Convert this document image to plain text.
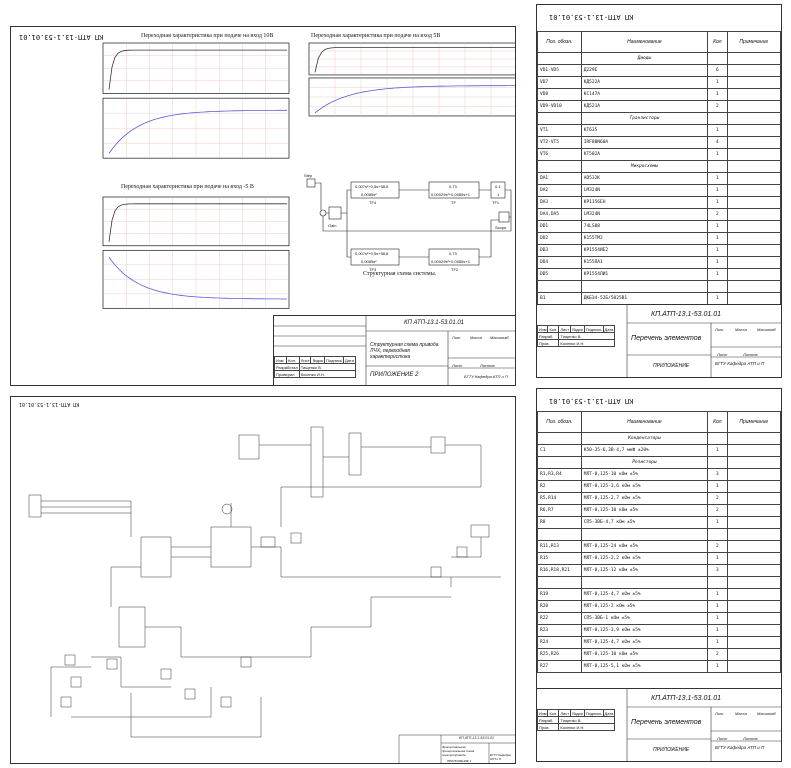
КП АТП-13.1-53.01.01	Переходная характеристика при подаче на вход 10В	Переходная характеристика при подаче на вход 5В
Переходная характеристика при подаче на вход -5 В
Step
Gain
0,007s²+0,5s+58,8
0,0085s²
TF4
0,73
0,00029s²+0,0085s+1
TF
0,1
1
TF1
0,007s²+0,5s+58,8
0,0085s²
TF3
0,73
0,00029s²+0,0085s+1
TF2
Scope
Структурная схема системы.
КП АТП-13.1-53.01.01
Структурная схема привода ЛЧХ, переходная характеристика
ПРИЛОЖЕНИЕ 2	БГТУ Кафедра АТП и П
Лит Масса Масштаб
Лист	Листов
Изм	Кол.	Лист	№док	Подпись	Дата
Разработал		Тищенко В.			
Проверил		Косенко И.Н.			
КП АТП-13.1-53.01.01
Поз. обозн.	Наименование	Кол	Примечание
	Диоды		
VD1-VD5	Д229Е	6	
VD7	КД522А	1	
VD8	КС147А	1	
VD9-VD10	КД521А	2	
	Транзисторы		
VT1	КТ635	1	
VT2-VT5	IRF80N60A	4	
VT6	КТ502А	1	
	Микросхемы		
DA1	AD532K	1	
DA2	LM324N	1	
DA3	КР1156ЕН	1	
DA4,DA5	LM324N	2	
DD1	74LS08	1	
DD2	К155ТМ2	1	
DD3	КР1554ИЕ2	1	
DD4	К155ЛА1	1	
DD5	КР1554ЛИ1	1	

B1	ДКБЭ4-52Б/5025В1	1	
КП.АТП-13.1-53.01.01
Перечень элементов
ПРИЛОЖЕНИЕ	БГТУ Кафедра АТП и П
Лит	Масса	Масштаб
Лист	Листов
Изм	Кол.	Лист	№док	Подпись	Дата
Разраб.		Тищенко В.			
Пров.		Косенко И.Н.			
КП АТП-13.1-53.01.01
Поз. обозн.	Наименование	Кол	Примечание
	Конденсаторы		
C1	К50-35-6,3В-4,7 мкФ ±20%	1	
	Резисторы		
R1,R3,R4	МЛТ-0,125-10 кОм ±5%	3	
R2	МЛТ-0,125-3,6 кОм ±5%	1	
R5,R14	МЛТ-0,125-2,7 кОм ±5%	2	
R6,R7	МЛТ-0,125-10 кОм ±5%	2	
R8	СП5-3ВБ-4,7 кОм ±5%	1	

R11,R13	МЛТ-0,125-24 кОм ±5%	2	
R15	МЛТ-0,125-2,2 кОм ±5%	1	
R16,R18,R21	МЛТ-0,125-12 кОм ±5%	3	

R19	МЛТ-0,125-4,7 кОм ±5%	1	
R20	МЛТ-0,125-2 кОм ±5%	1	
R22	СП5-3ВБ-1 кОм ±5%	1	
R23	МЛТ-0,125-3,9 кОм ±5%	1	
R24	МЛТ-0,125-4,7 кОм ±5%	1	
R25,R26	МЛТ-0,125-10 кОм ±5%	2	
R27	МЛТ-0,125-5,1 кОм ±5%	1	
КП.АТП-13.1-53.01.01
Перечень элементов
ПРИЛОЖЕНИЕ	БГТУ Кафедра АТП и П
Лит	Масса	Масштаб
Лист	Листов
Изм	Кол.	Лист	№док	Подпись	Дата
Разраб.		Тищенко В.			
Пров.		Косенко И.Н.			
КП АТП-13.1-53.01.01
КП АТП-13.1-53.01.01
Функциональная принципиальная схема электропривода
ПРИЛОЖЕНИЕ 1
БГТУ Кафедра АТП и П
